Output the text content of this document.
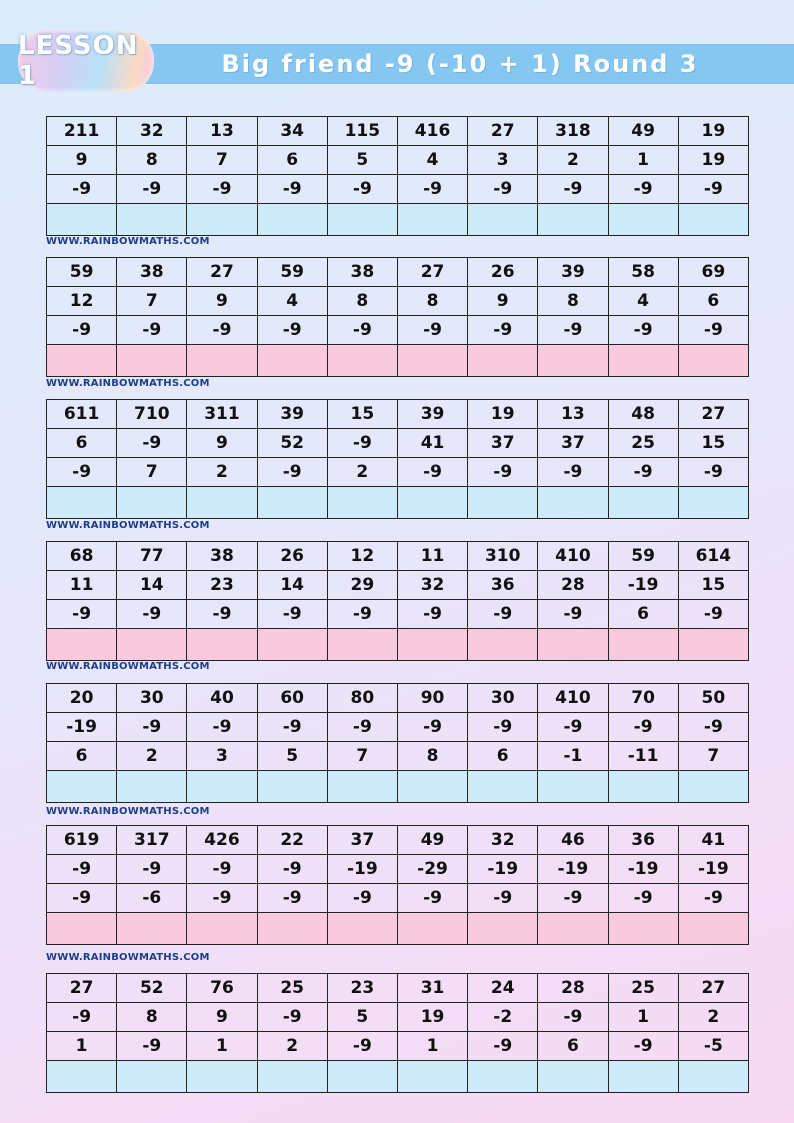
LESSON 1	Big friend -9 (-10 + 1) Round 3
211	32	13	34	115	416	27	318	49	19
9	8	7	6	5	4	3	2	1	19
-9	-9	-9	-9	-9	-9	-9	-9	-9	-9

59	38	27	59	38	27	26	39	58	69
12	7	9	4	8	8	9	8	4	6
-9	-9	-9	-9	-9	-9	-9	-9	-9	-9

611	710	311	39	15	39	19	13	48	27
6	-9	9	52	-9	41	37	37	25	15
-9	7	2	-9	2	-9	-9	-9	-9	-9

68	77	38	26	12	11	310	410	59	614
11	14	23	14	29	32	36	28	-19	15
-9	-9	-9	-9	-9	-9	-9	-9	6	-9

20	30	40	60	80	90	30	410	70	50
-19	-9	-9	-9	-9	-9	-9	-9	-9	-9
6	2	3	5	7	8	6	-1	-11	7

619	317	426	22	37	49	32	46	36	41
-9	-9	-9	-9	-19	-29	-19	-19	-19	-19
-9	-6	-9	-9	-9	-9	-9	-9	-9	-9

27	52	76	25	23	31	24	28	25	27
-9	8	9	-9	5	19	-2	-9	1	2
1	-9	1	2	-9	1	-9	6	-9	-5

WWW.RAINBOWMATHS.COM
WWW.RAINBOWMATHS.COM
WWW.RAINBOWMATHS.COM
WWW.RAINBOWMATHS.COM
WWW.RAINBOWMATHS.COM
WWW.RAINBOWMATHS.COM
